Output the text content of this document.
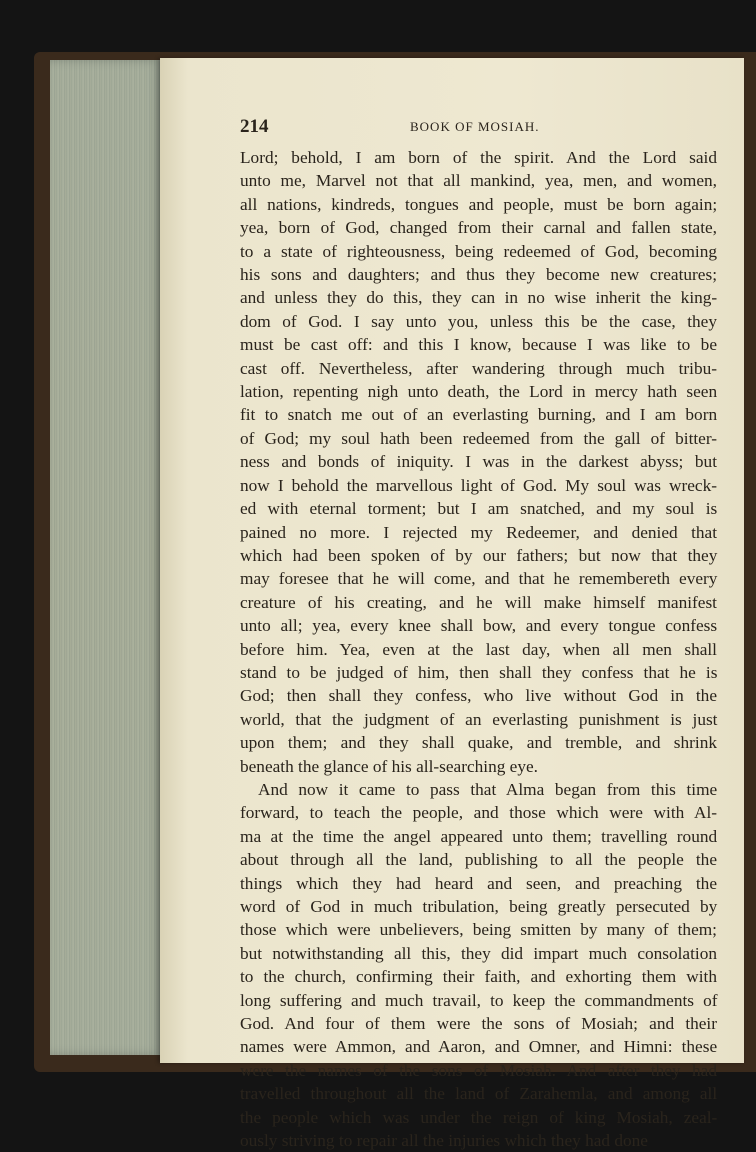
214	BOOK OF MOSIAH.
Lord; behold, I am born of the spirit. And the Lord said
unto me, Marvel not that all mankind, yea, men, and women,
all nations, kindreds, tongues and people, must be born again;
yea, born of God, changed from their carnal and fallen state,
to a state of righteousness, being redeemed of God, becoming
his sons and daughters; and thus they become new creatures;
and unless they do this, they can in no wise inherit the king-
dom of God. I say unto you, unless this be the case, they
must be cast off: and this I know, because I was like to be
cast off. Nevertheless, after wandering through much tribu-
lation, repenting nigh unto death, the Lord in mercy hath seen
fit to snatch me out of an everlasting burning, and I am born
of God; my soul hath been redeemed from the gall of bitter-
ness and bonds of iniquity. I was in the darkest abyss; but
now I behold the marvellous light of God. My soul was wreck-
ed with eternal torment; but I am snatched, and my soul is
pained no more. I rejected my Redeemer, and denied that
which had been spoken of by our fathers; but now that they
may foresee that he will come, and that he remembereth every
creature of his creating, and he will make himself manifest
unto all; yea, every knee shall bow, and every tongue confess
before him. Yea, even at the last day, when all men shall
stand to be judged of him, then shall they confess that he is
God; then shall they confess, who live without God in the
world, that the judgment of an everlasting punishment is just
upon them; and they shall quake, and tremble, and shrink
beneath the glance of his all-searching eye.
And now it came to pass that Alma began from this time
forward, to teach the people, and those which were with Al-
ma at the time the angel appeared unto them; travelling round
about through all the land, publishing to all the people the
things which they had heard and seen, and preaching the
word of God in much tribulation, being greatly persecuted by
those which were unbelievers, being smitten by many of them;
but notwithstanding all this, they did impart much consolation
to the church, confirming their faith, and exhorting them with
long suffering and much travail, to keep the commandments of
God. And four of them were the sons of Mosiah; and their
names were Ammon, and Aaron, and Omner, and Himni: these
were the names of the sons of Mosiah. And after they had
travelled throughout all the land of Zarahemla, and among all
the people which was under the reign of king Mosiah, zeal-
ously striving to repair all the injuries which they had done
